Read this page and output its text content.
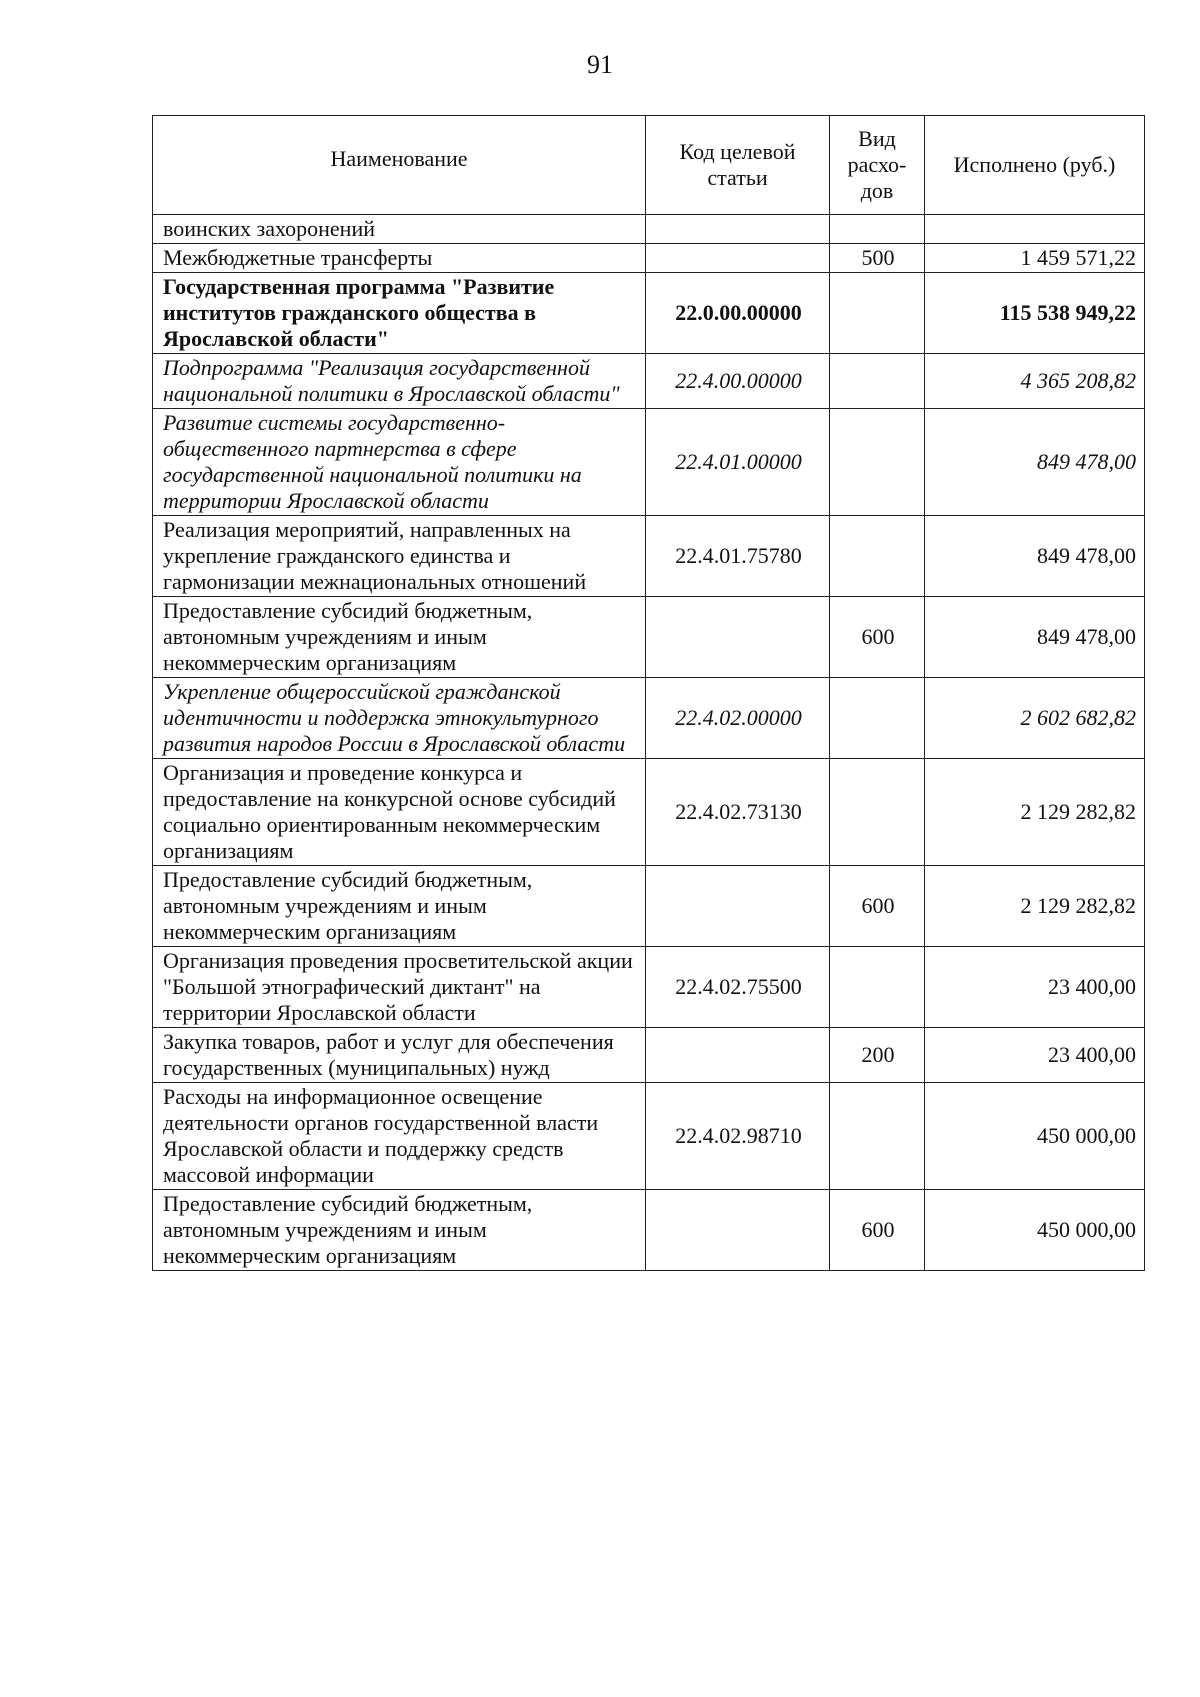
91
Наименование	Код целевой статьи	Вид расхо-дов	Исполнено (руб.)
воинских захоронений			
Межбюджетные трансферты		500	1 459 571,22
Государственная программа "Развитие институтов гражданского общества в Ярославской области"	22.0.00.00000		115 538 949,22
Подпрограмма "Реализация государственной национальной политики в Ярославской области"	22.4.00.00000		4 365 208,82
Развитие системы государственно-общественного партнерства в сфере государственной национальной политики на территории Ярославской области	22.4.01.00000		849 478,00
Реализация мероприятий, направленных на укрепление гражданского единства и гармонизации межнациональных отношений	22.4.01.75780		849 478,00
Предоставление субсидий бюджетным, автономным учреждениям и иным некоммерческим организациям		600	849 478,00
Укрепление общероссийской гражданской идентичности и поддержка этнокультурного развития народов России в Ярославской области	22.4.02.00000		2 602 682,82
Организация и проведение конкурса и предоставление на конкурсной основе субсидий социально ориентированным некоммерческим организациям	22.4.02.73130		2 129 282,82
Предоставление субсидий бюджетным, автономным учреждениям и иным некоммерческим организациям		600	2 129 282,82
Организация проведения просветительской акции "Большой этнографический диктант" на территории Ярославской области	22.4.02.75500		23 400,00
Закупка товаров, работ и услуг для обеспечения государственных (муниципальных) нужд		200	23 400,00
Расходы на информационное освещение деятельности органов государственной власти Ярославской области и поддержку средств массовой информации	22.4.02.98710		450 000,00
Предоставление субсидий бюджетным, автономным учреждениям и иным некоммерческим организациям		600	450 000,00
